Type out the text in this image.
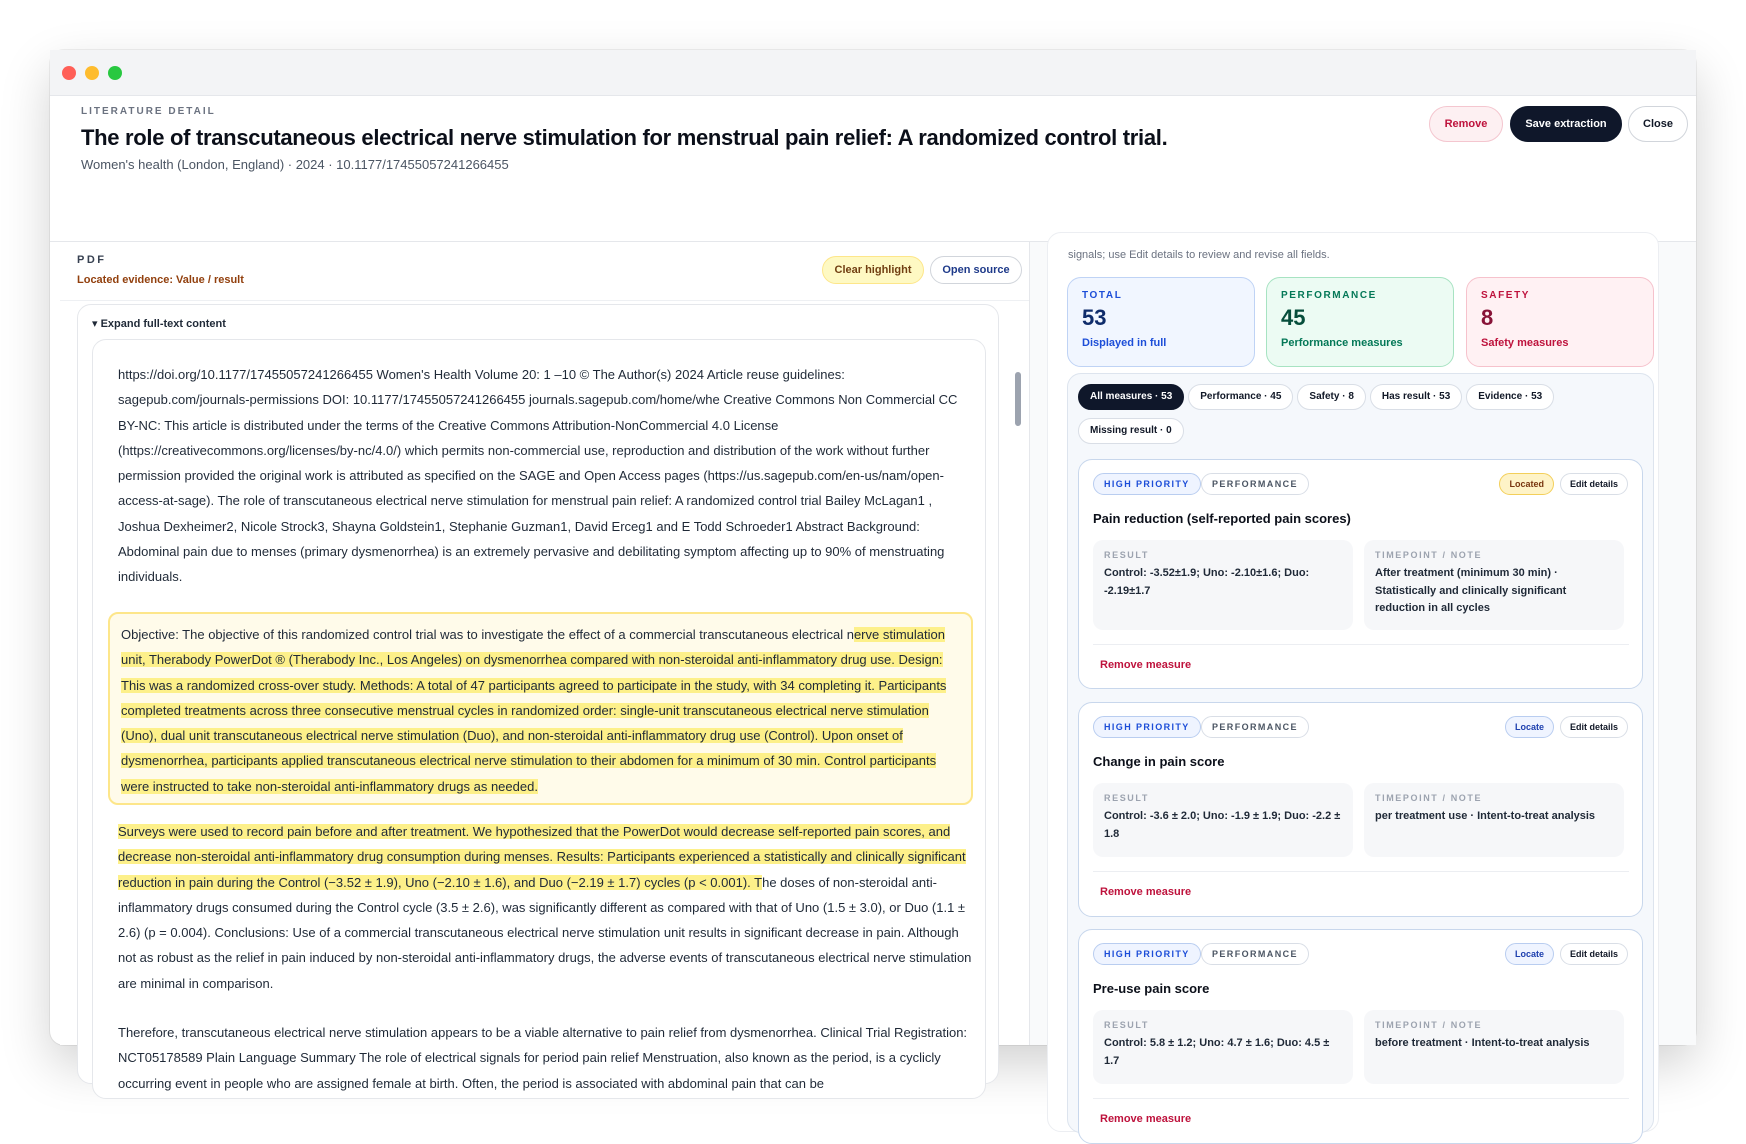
LITERATURE DETAIL
The role of transcutaneous electrical nerve stimulation for menstrual pain relief: A randomized control trial.
Women's health (London, England) · 2024 · 10.1177/17455057241266455
Remove	Save extraction	Close
PDF
Located evidence: Value / result
Clear highlight	Open source
▾ Expand full-text content
https://doi.org/10.1177/17455057241266455 Women's Health Volume 20: 1 –10 © The Author(s) 2024 Article reuse guidelines: sagepub.com/journals-permissions DOI: 10.1177/17455057241266455 journals.sagepub.com/home/whe Creative Commons Non Commercial CC BY-NC: This article is distributed under the terms of the Creative Commons Attribution-NonCommercial 4.0 License (https://creativecommons.org/licenses/by-nc/4.0/) which permits non-commercial use, reproduction and distribution of the work without further permission provided the original work is attributed as specified on the SAGE and Open Access pages (https://us.sagepub.com/en-us/nam/open-access-at-sage). The role of transcutaneous electrical nerve stimulation for menstrual pain relief: A randomized control trial Bailey McLagan1 , Joshua Dexheimer2, Nicole Strock3, Shayna Goldstein1, Stephanie Guzman1, David Erceg1 and E Todd Schroeder1 Abstract Background: Abdominal pain due to menses (primary dysmenorrhea) is an extremely pervasive and debilitating symptom affecting up to 90% of menstruating individuals.
Objective: The objective of this randomized control trial was to investigate the effect of a commercial transcutaneous electrical nerve stimulation unit, Therabody PowerDot ® (Therabody Inc., Los Angeles) on dysmenorrhea compared with non-steroidal anti-inflammatory drug use. Design: This was a randomized cross-over study. Methods: A total of 47 participants agreed to participate in the study, with 34 completing it. Participants completed treatments across three consecutive menstrual cycles in randomized order: single-unit transcutaneous electrical nerve stimulation (Uno), dual unit transcutaneous electrical nerve stimulation (Duo), and non-steroidal anti-inflammatory drug use (Control). Upon onset of dysmenorrhea, participants applied transcutaneous electrical nerve stimulation to their abdomen for a minimum of 30 min. Control participants were instructed to take non-steroidal anti-inflammatory drugs as needed.
Surveys were used to record pain before and after treatment. We hypothesized that the PowerDot would decrease self-reported pain scores, and decrease non-steroidal anti-inflammatory drug consumption during menses. Results: Participants experienced a statistically and clinically significant reduction in pain during the Control (−3.52 ± 1.9), Uno (−2.10 ± 1.6), and Duo (−2.19 ± 1.7) cycles (p < 0.001). The doses of non-steroidal anti-inflammatory drugs consumed during the Control cycle (3.5 ± 2.6), was significantly different as compared with that of Uno (1.5 ± 3.0), or Duo (1.1 ± 2.6) (p = 0.004). Conclusions: Use of a commercial transcutaneous electrical nerve stimulation unit results in significant decrease in pain. Although not as robust as the relief in pain induced by non-steroidal anti-inflammatory drugs, the adverse events of transcutaneous electrical nerve stimulation are minimal in comparison.
Therefore, transcutaneous electrical nerve stimulation appears to be a viable alternative to pain relief from dysmenorrhea. Clinical Trial Registration: NCT05178589 Plain Language Summary The role of electrical signals for period pain relief Menstruation, also known as the period, is a cyclicly occurring event in people who are assigned female at birth. Often, the period is associated with abdominal pain that can be
signals; use Edit details to review and revise all fields.
TOTAL
53
Displayed in full
PERFORMANCE
45
Performance measures
SAFETY
8
Safety measures
All measures · 53	Performance · 45	Safety · 8	Has result · 53	Evidence · 53Missing result · 0
HIGH PRIORITY	PERFORMANCE	Located	Edit details
Pain reduction (self-reported pain scores)
RESULT
Control: -3.52±1.9; Uno: -2.10±1.6; Duo: -2.19±1.7
TIMEPOINT / NOTE
After treatment (minimum 30 min) · Statistically and clinically significant reduction in all cycles
Remove measure
HIGH PRIORITY	PERFORMANCE	Locate	Edit details
Change in pain score
RESULT
Control: -3.6 ± 2.0; Uno: -1.9 ± 1.9; Duo: -2.2 ± 1.8
TIMEPOINT / NOTE
per treatment use · Intent-to-treat analysis
Remove measure
HIGH PRIORITY	PERFORMANCE	Locate	Edit details
Pre-use pain score
RESULT
Control: 5.8 ± 1.2; Uno: 4.7 ± 1.6; Duo: 4.5 ± 1.7
TIMEPOINT / NOTE
before treatment · Intent-to-treat analysis
Remove measure
